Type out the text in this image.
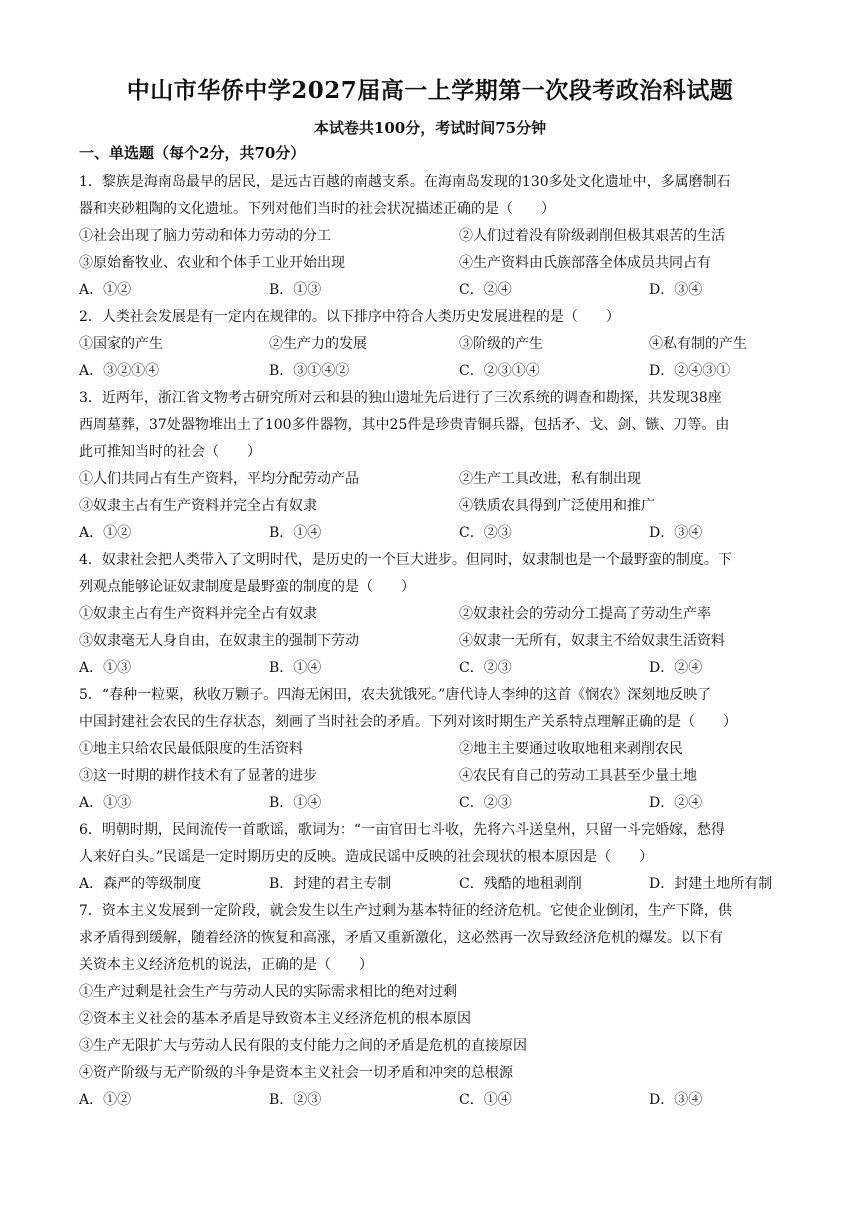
中山市华侨中学2027届高一上学期第一次段考政治科试题
本试卷共100分，考试时间75分钟
一、单选题（每个2分，共70分）
1．黎族是海南岛最早的居民，是远古百越的南越支系。在海南岛发现的130多处文化遗址中，多属磨制石
器和夹砂粗陶的文化遗址。下列对他们当时的社会状况描述正确的是（　　）
①社会出现了脑力劳动和体力劳动的分工	②人们过着没有阶级剥削但极其艰苦的生活
③原始畜牧业、农业和个体手工业开始出现	④生产资料由氏族部落全体成员共同占有
A．①②	B．①③	C．②④	D．③④
2．人类社会发展是有一定内在规律的。以下排序中符合人类历史发展进程的是（　　）
①国家的产生	②生产力的发展	③阶级的产生	④私有制的产生
A．③②①④	B．③①④②	C．②③①④	D．②④③①
3．近两年，浙江省文物考古研究所对云和县的独山遗址先后进行了三次系统的调查和勘探，共发现38座
西周墓葬，37处器物堆出土了100多件器物，其中25件是珍贵青铜兵器，包括矛、戈、剑、镞、刀等。由
此可推知当时的社会（　　）
①人们共同占有生产资料，平均分配劳动产品	②生产工具改进，私有制出现
③奴隶主占有生产资料并完全占有奴隶	④铁质农具得到广泛使用和推广
A．①②	B．①④	C．②③	D．③④
4．奴隶社会把人类带入了文明时代，是历史的一个巨大进步。但同时，奴隶制也是一个最野蛮的制度。下
列观点能够论证奴隶制度是最野蛮的制度的是（　　）
①奴隶主占有生产资料并完全占有奴隶	②奴隶社会的劳动分工提高了劳动生产率
③奴隶毫无人身自由，在奴隶主的强制下劳动	④奴隶一无所有，奴隶主不给奴隶生活资料
A．①③	B．①④	C．②③	D．②④
5．“春种一粒粟，秋收万颗子。四海无闲田，农夫犹饿死。”唐代诗人李绅的这首《悯农》深刻地反映了
中国封建社会农民的生存状态，刻画了当时社会的矛盾。下列对该时期生产关系特点理解正确的是（　　）
①地主只给农民最低限度的生活资料	②地主主要通过收取地租来剥削农民
③这一时期的耕作技术有了显著的进步	④农民有自己的劳动工具甚至少量土地
A．①③	B．①④	C．②③	D．②④
6．明朝时期，民间流传一首歌谣，歌词为：“一亩官田七斗收，先将六斗送皇州，只留一斗完婚嫁，愁得
人来好白头。”民谣是一定时期历史的反映。造成民谣中反映的社会现状的根本原因是（　　）
A．森严的等级制度	B．封建的君主专制	C．残酷的地租剥削	D．封建土地所有制
7．资本主义发展到一定阶段，就会发生以生产过剩为基本特征的经济危机。它使企业倒闭，生产下降，供
求矛盾得到缓解，随着经济的恢复和高涨，矛盾又重新激化，这必然再一次导致经济危机的爆发。以下有
关资本主义经济危机的说法，正确的是（　　）
①生产过剩是社会生产与劳动人民的实际需求相比的绝对过剩
②资本主义社会的基本矛盾是导致资本主义经济危机的根本原因
③生产无限扩大与劳动人民有限的支付能力之间的矛盾是危机的直接原因
④资产阶级与无产阶级的斗争是资本主义社会一切矛盾和冲突的总根源
A．①②	B．②③	C．①④	D．③④
